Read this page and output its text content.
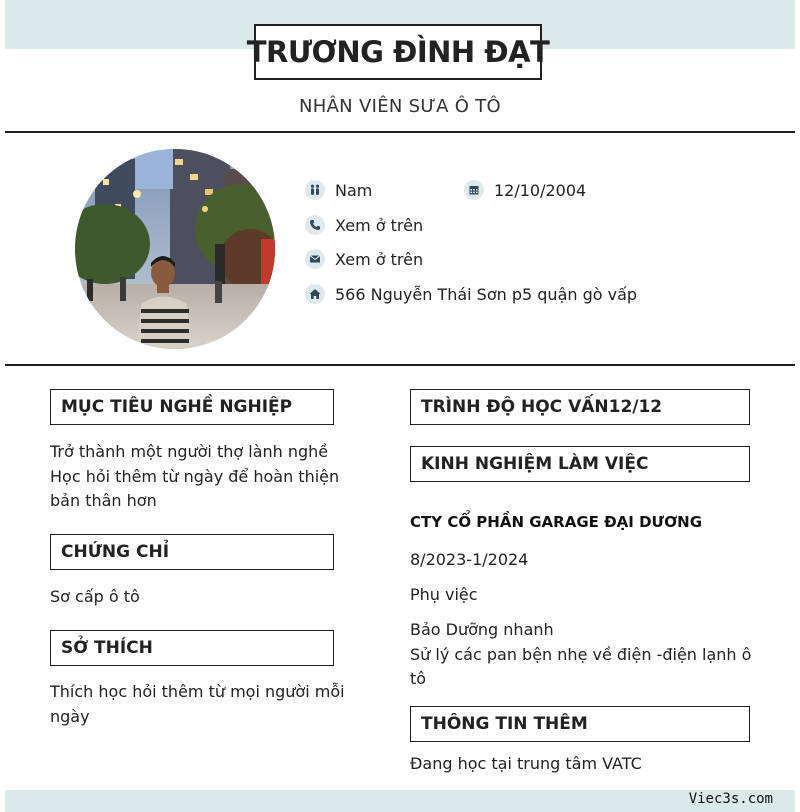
TRƯƠNG ĐÌNH ĐẠT
NHÂN VIÊN SƯA Ô TÔ
Nam	12/10/2004
Xem ở trên
Xem ở trên
566 Nguyễn Thái Sơn p5 quận gò vấp
MỤC TIÊU NGHỀ NGHIỆP
Trở thành một người thợ lành nghề
Học hỏi thêm từ ngày để hoàn thiện
bản thân hơn
CHỨNG CHỈ
Sơ cấp ô tô
SỞ THÍCH
Thích học hỏi thêm từ mọi người mỗi
ngày
TRÌNH ĐỘ HỌC VẤN12/12
KINH NGHIỆM LÀM VIỆC
CTY CỔ PHẦN GARAGE ĐẠI DƯƠNG
8/2023-1/2024
Phụ việc
Bảo Dưỡng nhanh
Sử lý các pan bện nhẹ về điện -điện lạnh ô
tô
THÔNG TIN THÊM
Đang học tại trung tâm VATC
Viec3s.com
